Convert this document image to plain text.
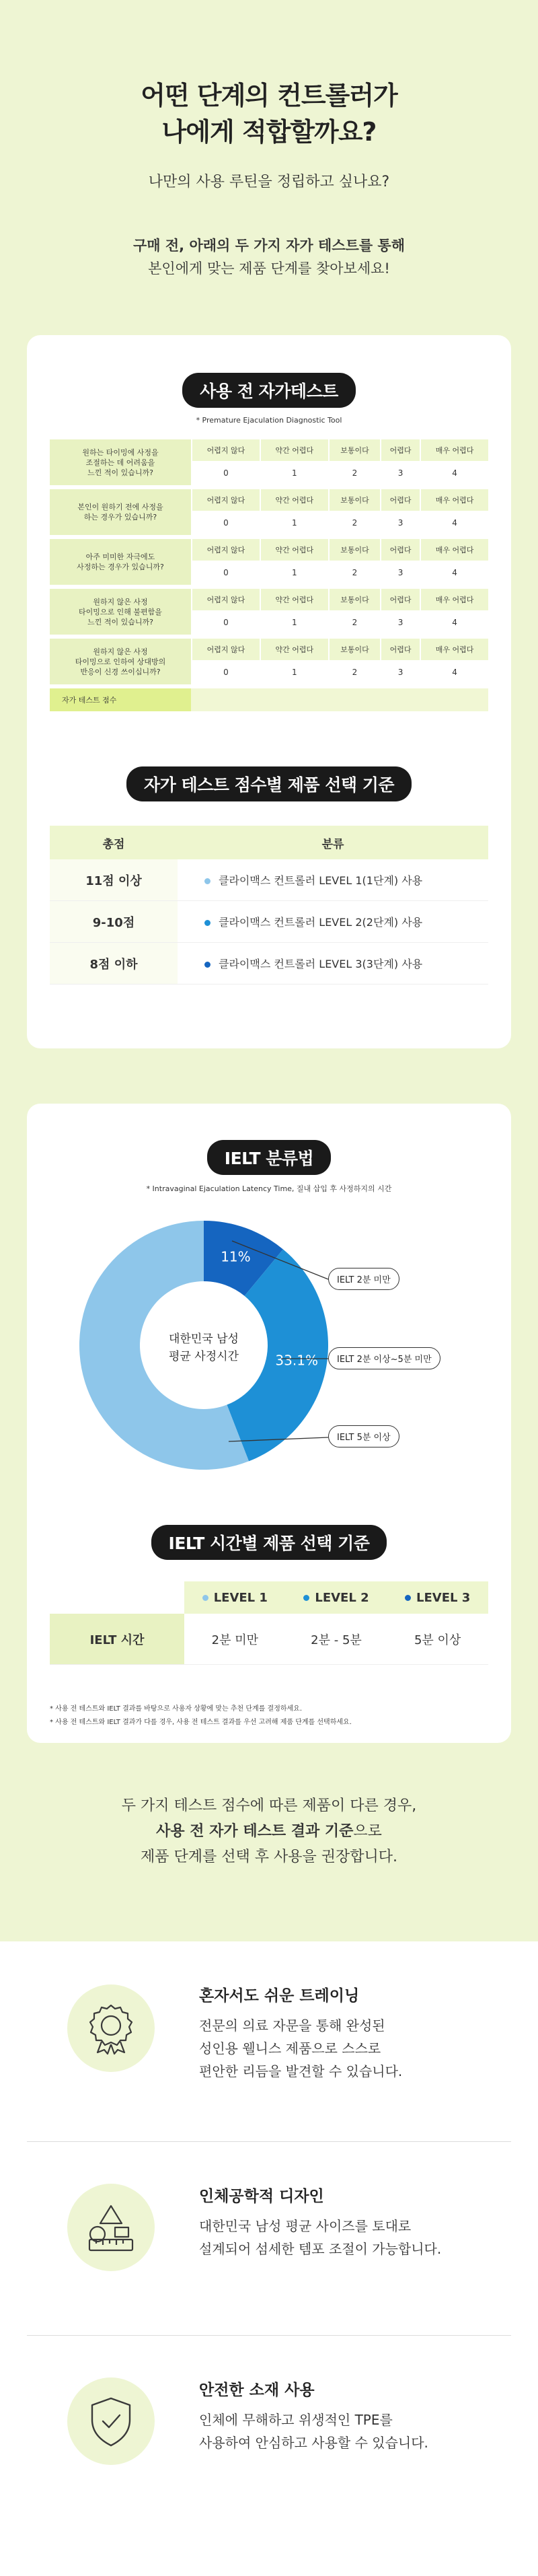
어떤 단계의 컨트롤러가
나에게 적합할까요?
나만의 사용 루틴을 정립하고 싶나요?
구매 전, 아래의 두 가지 자가 테스트를 통해
본인에게 맞는 제품 단계를 찾아보세요!
사용 전 자가테스트
* Premature Ejaculation Diagnostic Tool
원하는 타이밍에 사정을
조절하는 데 어려움을
느낀 적이 있습니까?	어렵지 않다	약간 어렵다	보통이다	어렵다	매우 어렵다
	0	1	2	3	4

본인이 원하기 전에 사정을
하는 경우가 있습니까?	어렵지 않다	약간 어렵다	보통이다	어렵다	매우 어렵다
	0	1	2	3	4

아주 미미한 자극에도
사정하는 경우가 있습니까?	어렵지 않다	약간 어렵다	보통이다	어렵다	매우 어렵다
	0	1	2	3	4

원하지 않은 사정
타이밍으로 인해 불편함을
느낀 적이 있습니까?	어렵지 않다	약간 어렵다	보통이다	어렵다	매우 어렵다
	0	1	2	3	4

원하지 않은 사정
타이밍으로 인하여 상대방의
반응이 신경 쓰이십니까?	어렵지 않다	약간 어렵다	보통이다	어렵다	매우 어렵다
	0	1	2	3	4

자가 테스트 점수					
자가 테스트 점수별 제품 선택 기준
총점	분류
11점 이상	클라이맥스 컨트롤러 LEVEL 1(1단계) 사용
9-10점	클라이맥스 컨트롤러 LEVEL 2(2단계) 사용
8점 이하	클라이맥스 컨트롤러 LEVEL 3(3단계) 사용
IELT 분류법
* Intravaginal Ejaculation Latency Time, 질내 삽입 후 사정하지의 시간
11%
33.1%
대한민국 남성
평균 사정시간
IELT 2분 미만
IELT 2분 이상~5분 미만
IELT 5분 이상
IELT 시간별 제품 선택 기준
	LEVEL 1	LEVEL 2	LEVEL 3
IELT 시간	2분 미만	2분 - 5분	5분 이상
* 사용 전 테스트와 IELT 결과를 바탕으로 사용자 상황에 맞는 추천 단계를 결정하세요.
* 사용 전 테스트와 IELT 결과가 다를 경우, 사용 전 테스트 결과를 우선 고려해 제품 단계를 선택하세요.
두 가지 테스트 점수에 따른 제품이 다른 경우,
사용 전 자가 테스트 결과 기준으로
제품 단계를 선택 후 사용을 권장합니다.
혼자서도 쉬운 트레이닝
전문의 의료 자문을 통해 완성된
성인용 웰니스 제품으로 스스로
편안한 리듬을 발견할 수 있습니다.
인체공학적 디자인
대한민국 남성 평균 사이즈를 토대로
설계되어 섬세한 템포 조절이 가능합니다.
안전한 소재 사용
인체에 무해하고 위생적인 TPE를
사용하여 안심하고 사용할 수 있습니다.
